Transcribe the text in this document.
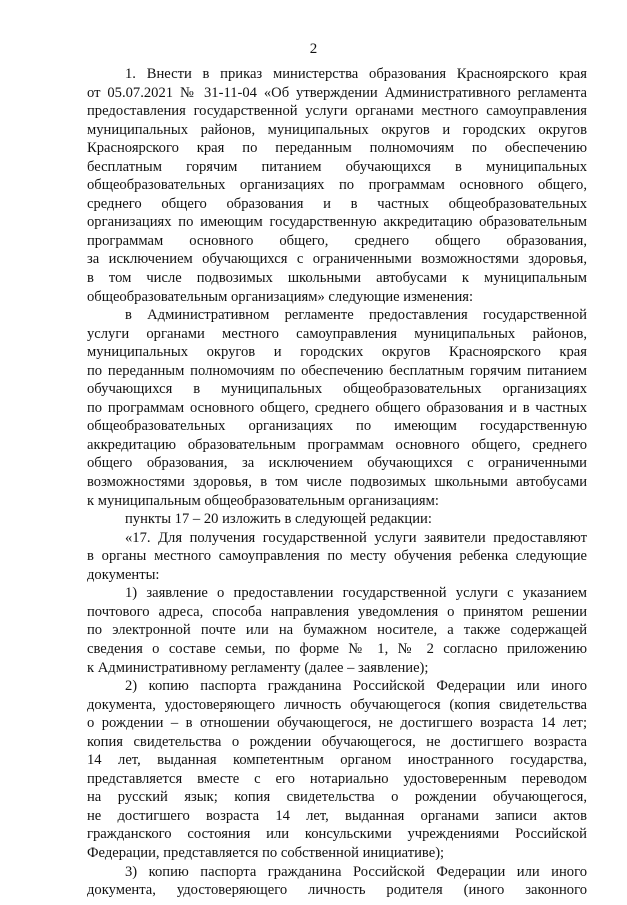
2
1. Внести в приказ министерства образования Красноярского края
от 05.07.2021 № 31-11-04 «Об утверждении Административного регламента
предоставления государственной услуги органами местного самоуправления
муниципальных районов, муниципальных округов и городских округов
Красноярского края по переданным полномочиям по обеспечению
бесплатным горячим питанием обучающихся в муниципальных
общеобразовательных организациях по программам основного общего,
среднего общего образования и в частных общеобразовательных
организациях по имеющим государственную аккредитацию образовательным
программам основного общего, среднего общего образования,
за исключением обучающихся с ограниченными возможностями здоровья,
в том числе подвозимых школьными автобусами к муниципальным
общеобразовательным организациям» следующие изменения:
в Административном регламенте предоставления государственной
услуги органами местного самоуправления муниципальных районов,
муниципальных округов и городских округов Красноярского края
по переданным полномочиям по обеспечению бесплатным горячим питанием
обучающихся в муниципальных общеобразовательных организациях
по программам основного общего, среднего общего образования и в частных
общеобразовательных организациях по имеющим государственную
аккредитацию образовательным программам основного общего, среднего
общего образования, за исключением обучающихся с ограниченными
возможностями здоровья, в том числе подвозимых школьными автобусами
к муниципальным общеобразовательным организациям:
пункты 17 – 20 изложить в следующей редакции:
«17. Для получения государственной услуги заявители предоставляют
в органы местного самоуправления по месту обучения ребенка следующие
документы:
1) заявление о предоставлении государственной услуги с указанием
почтового адреса, способа направления уведомления о принятом решении
по электронной почте или на бумажном носителе, а также содержащей
сведения о составе семьи, по форме № 1, № 2 согласно приложению
к Административному регламенту (далее – заявление);
2) копию паспорта гражданина Российской Федерации или иного
документа, удостоверяющего личность обучающегося (копия свидетельства
о рождении – в отношении обучающегося, не достигшего возраста 14 лет;
копия свидетельства о рождении обучающегося, не достигшего возраста
14 лет, выданная компетентным органом иностранного государства,
представляется вместе с его нотариально удостоверенным переводом
на русский язык; копия свидетельства о рождении обучающегося,
не достигшего возраста 14 лет, выданная органами записи актов
гражданского состояния или консульскими учреждениями Российской
Федерации, представляется по собственной инициативе);
3) копию паспорта гражданина Российской Федерации или иного
документа, удостоверяющего личность родителя (иного законного
